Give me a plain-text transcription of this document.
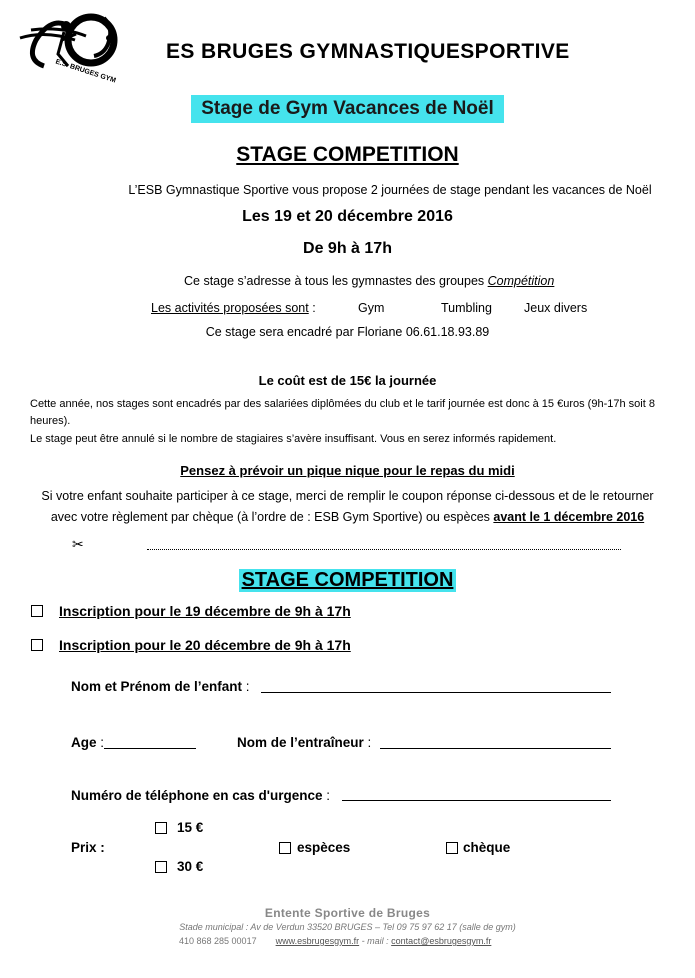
E.S. BRUGES GYM
ES BRUGES GYMNASTIQUESPORTIVE
Stage de Gym Vacances de Noël
STAGE COMPETITION
L’ESB Gymnastique Sportive vous propose 2 journées de stage pendant les vacances de Noël
Les 19 et 20 décembre 2016
De 9h à 17h
Ce stage s’adresse à tous les gymnastes des groupes Compétition
Les activités proposées sont :	Gym	Tumbling	Jeux divers
Ce stage sera encadré par Floriane 06.61.18.93.89
Le coût est de 15€ la journée
Cette année, nos stages sont encadrés par des salariées diplômées du club et le tarif journée est donc à 15 €uros (9h-17h soit 8 heures).
Le stage peut être annulé si le nombre de stagiaires s’avère insuffisant. Vous en serez informés rapidement.
Pensez à prévoir un pique nique pour le repas du midi
Si votre enfant souhaite participer à ce stage, merci de remplir le coupon réponse ci-dessous et de le retourner
avec votre règlement par chèque (à l’ordre de : ESB Gym Sportive) ou espèces avant le 1 décembre 2016
✂
STAGE COMPETITION
Inscription pour le 19 décembre de 9h à 17h
Inscription pour le 20 décembre de 9h à 17h
Nom et Prénom de l’enfant :
Age :	Nom de l’entraîneur :
Numéro de téléphone en cas d'urgence :
15 €
Prix :	espèces	chèque
30 €
Entente Sportive de Bruges
Stade municipal : Av de Verdun 33520 BRUGES – Tel 09 75 97 62 17 (salle de gym)
410 868 285 00017 www.esbrugesgym.fr - mail : contact@esbrugesgym.fr
